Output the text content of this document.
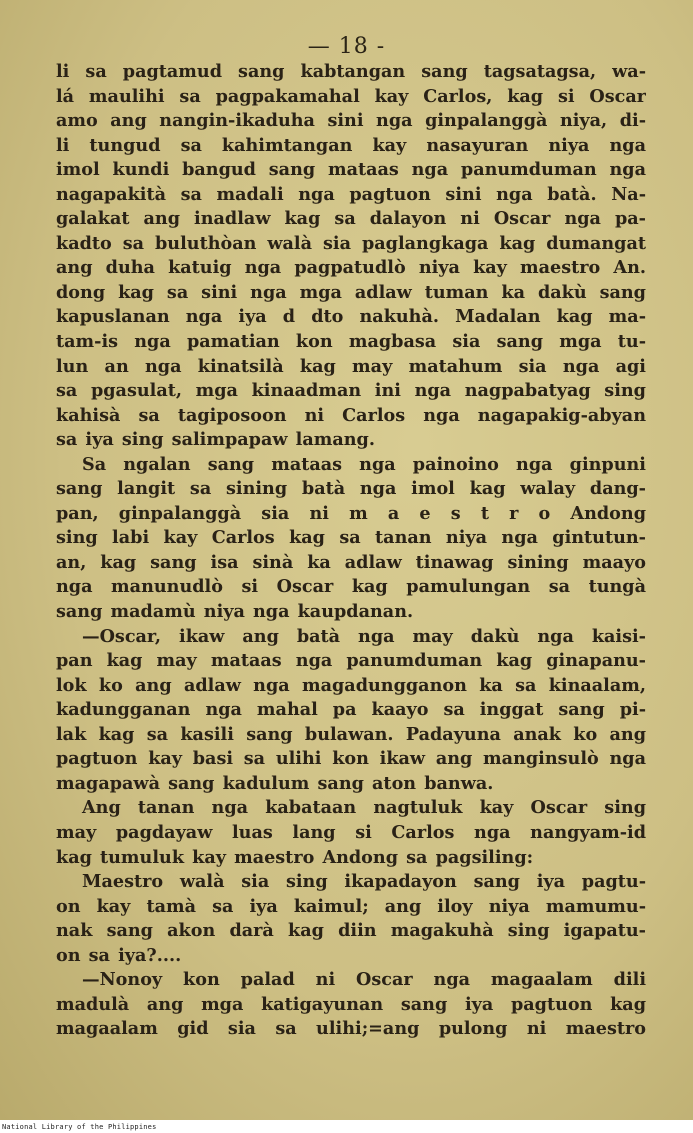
— 18 -
li sa pagtamud sang kabtangan sang tagsatagsa, wa-
lá maulihi sa pagpakamahal kay Carlos, kag si Oscar
amo ang nangin-ikaduha sini nga ginpalanggà niya, di-
li tungud sa kahimtangan kay nasayuran niya nga
imol kundi bangud sang mataas nga panumduman nga
nagapakità sa madali nga pagtuon sini nga batà. Na-
galakat ang inadlaw kag sa dalayon ni Oscar nga pa-
kadto sa buluthòan walà sia paglangkaga kag dumangat
ang duha katuig nga pagpatudlò niya kay maestro An.
dong kag sa sini nga mga adlaw tuman ka dakù sang
kapuslanan nga iya d dto nakuhà. Madalan kag ma-
tam-is nga pamatian kon magbasa sia sang mga tu-
lun an nga kinatsilà kag may matahum sia nga agi
sa pgasulat, mga kinaadman ini nga nagpabatyag sing
kahisà sa tagiposoon ni Carlos nga nagapakig-abyan
sa iya sing salimpapaw lamang.
Sa ngalan sang mataas nga painoino nga ginpuni
sang langit sa sining batà nga imol kag walay dang-
pan, ginpalanggà sia ni m a e s t r o Andong
sing labi kay Carlos kag sa tanan niya nga gintutun-
an, kag sang isa sinà ka adlaw tinawag sining maayo
nga manunudlò si Oscar kag pamulungan sa tungà
sang madamù niya nga kaupdanan.
—Oscar, ikaw ang batà nga may dakù nga kaisi-
pan kag may mataas nga panumduman kag ginapanu-
lok ko ang adlaw nga magadungganon ka sa kinaalam,
kadungganan nga mahal pa kaayo sa inggat sang pi-
lak kag sa kasili sang bulawan. Padayuna anak ko ang
pagtuon kay basi sa ulihi kon ikaw ang manginsulò nga
magapawà sang kadulum sang aton banwa.
Ang tanan nga kabataan nagtuluk kay Oscar sing
may pagdayaw luas lang si Carlos nga nangyam-id
kag tumuluk kay maestro Andong sa pagsiling:
Maestro walà sia sing ikapadayon sang iya pagtu-
on kay tamà sa iya kaimul; ang iloy niya mamumu-
nak sang akon darà kag diin magakuhà sing igapatu-
on sa iya?....
—Nonoy kon palad ni Oscar nga magaalam dili
madulà ang mga katigayunan sang iya pagtuon kag
magaalam gid sia sa ulihi;=ang pulong ni maestro
National Library of the Philippines
